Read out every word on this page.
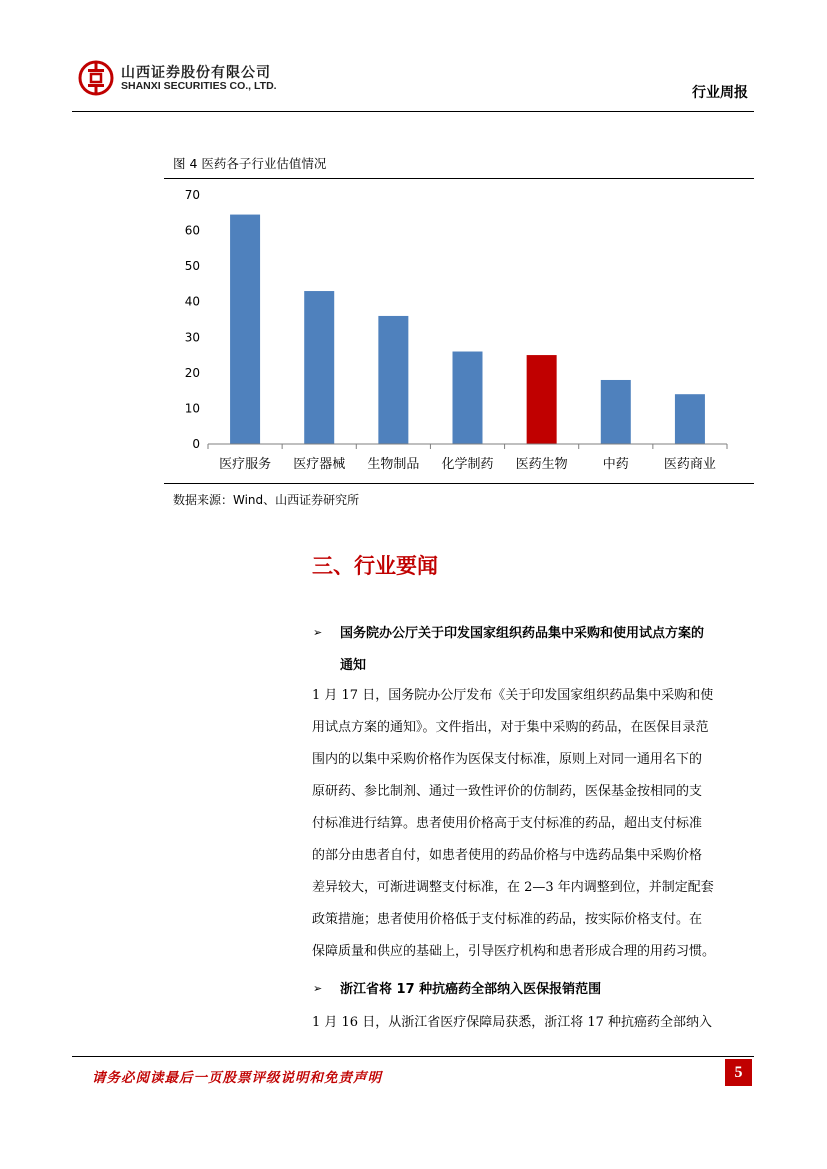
山西证券股份有限公司
SHANXI SECURITIES CO., LTD.	行业周报
图 4 医药各子行业估值情况
0
10
20
30
40
50
60
70
医疗服务 医疗器械 生物制品 化学制药 医药生物	中药	医药商业
数据来源：Wind、山西证券研究所
三、行业要闻
➢ 国务院办公厅关于印发国家组织药品集中采购和使用试点方案的
通知
1 月 17 日，国务院办公厅发布《关于印发国家组织药品集中采购和使
用试点方案的通知》。文件指出，对于集中采购的药品，在医保目录范
围内的以集中采购价格作为医保支付标准，原则上对同一通用名下的
原研药、参比制剂、通过一致性评价的仿制药，医保基金按相同的支
付标准进行结算。患者使用价格高于支付标准的药品，超出支付标准
的部分由患者自付，如患者使用的药品价格与中选药品集中采购价格
差异较大，可渐进调整支付标准，在 2—3 年内调整到位，并制定配套
政策措施；患者使用价格低于支付标准的药品，按实际价格支付。在
保障质量和供应的基础上，引导医疗机构和患者形成合理的用药习惯。
➢ 浙江省将 17 种抗癌药全部纳入医保报销范围
1 月 16 日，从浙江省医疗保障局获悉，浙江将 17 种抗癌药全部纳入
请务必阅读最后一页股票评级说明和免责声明	5
